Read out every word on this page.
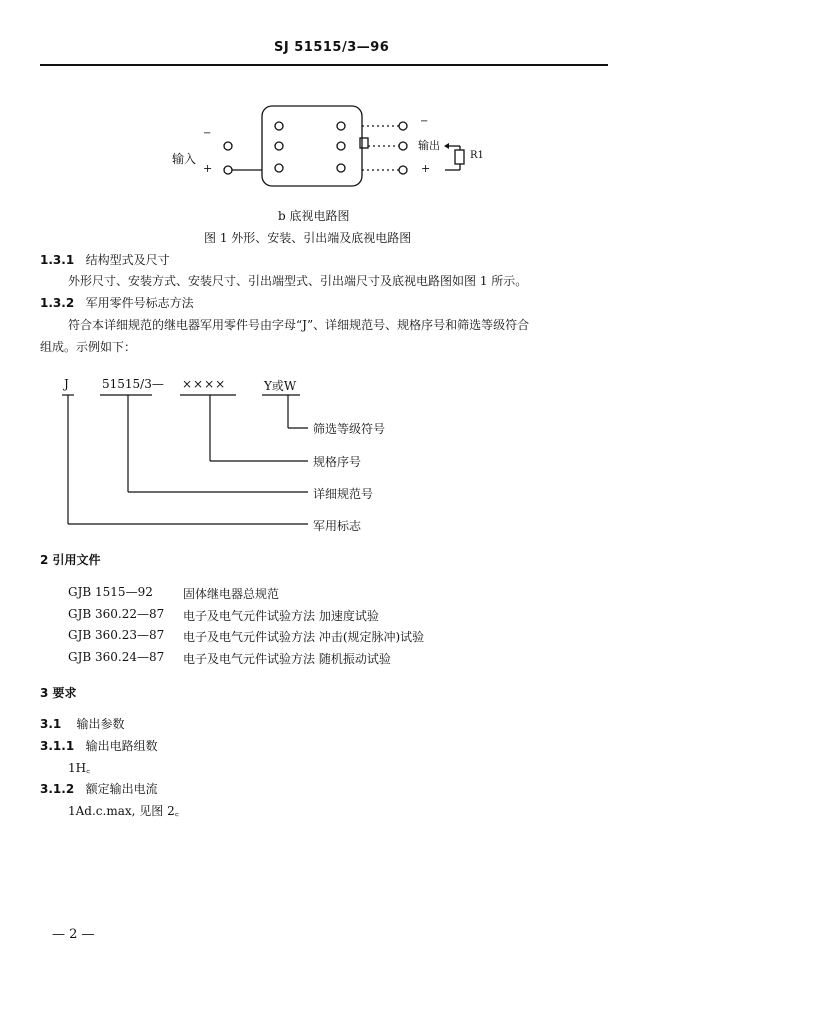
SJ 51515/3—96
−
输入
+
−
输出
+
R1
b 底视电路图
图 1 外形、安装、引出端及底视电路图
1.3.1 结构型式及尺寸
外形尺寸、安装方式、安装尺寸、引出端型式、引出端尺寸及底视电路图如图 1 所示。
1.3.2 军用零件号标志方法
符合本详细规范的继电器军用零件号由字母“J”、详细规范号、规格序号和筛选等级符合
组成。示例如下：
J	51515/3— ××××	Y或W
筛选等级符号
规格序号
详细规范号
军用标志
2 引用文件
GJB 1515—92	固体继电器总规范
GJB 360.22—87 电子及电气元件试验方法 加速度试验
GJB 360.23—87 电子及电气元件试验方法 冲击(规定脉冲)试验
GJB 360.24—87 电子及电气元件试验方法 随机振动试验
3 要求
3.1 输出参数
3.1.1 输出电路组数
1H꜀
3.1.2 额定输出电流
1Ad.c.max, 见图 2꜀
— 2 —
